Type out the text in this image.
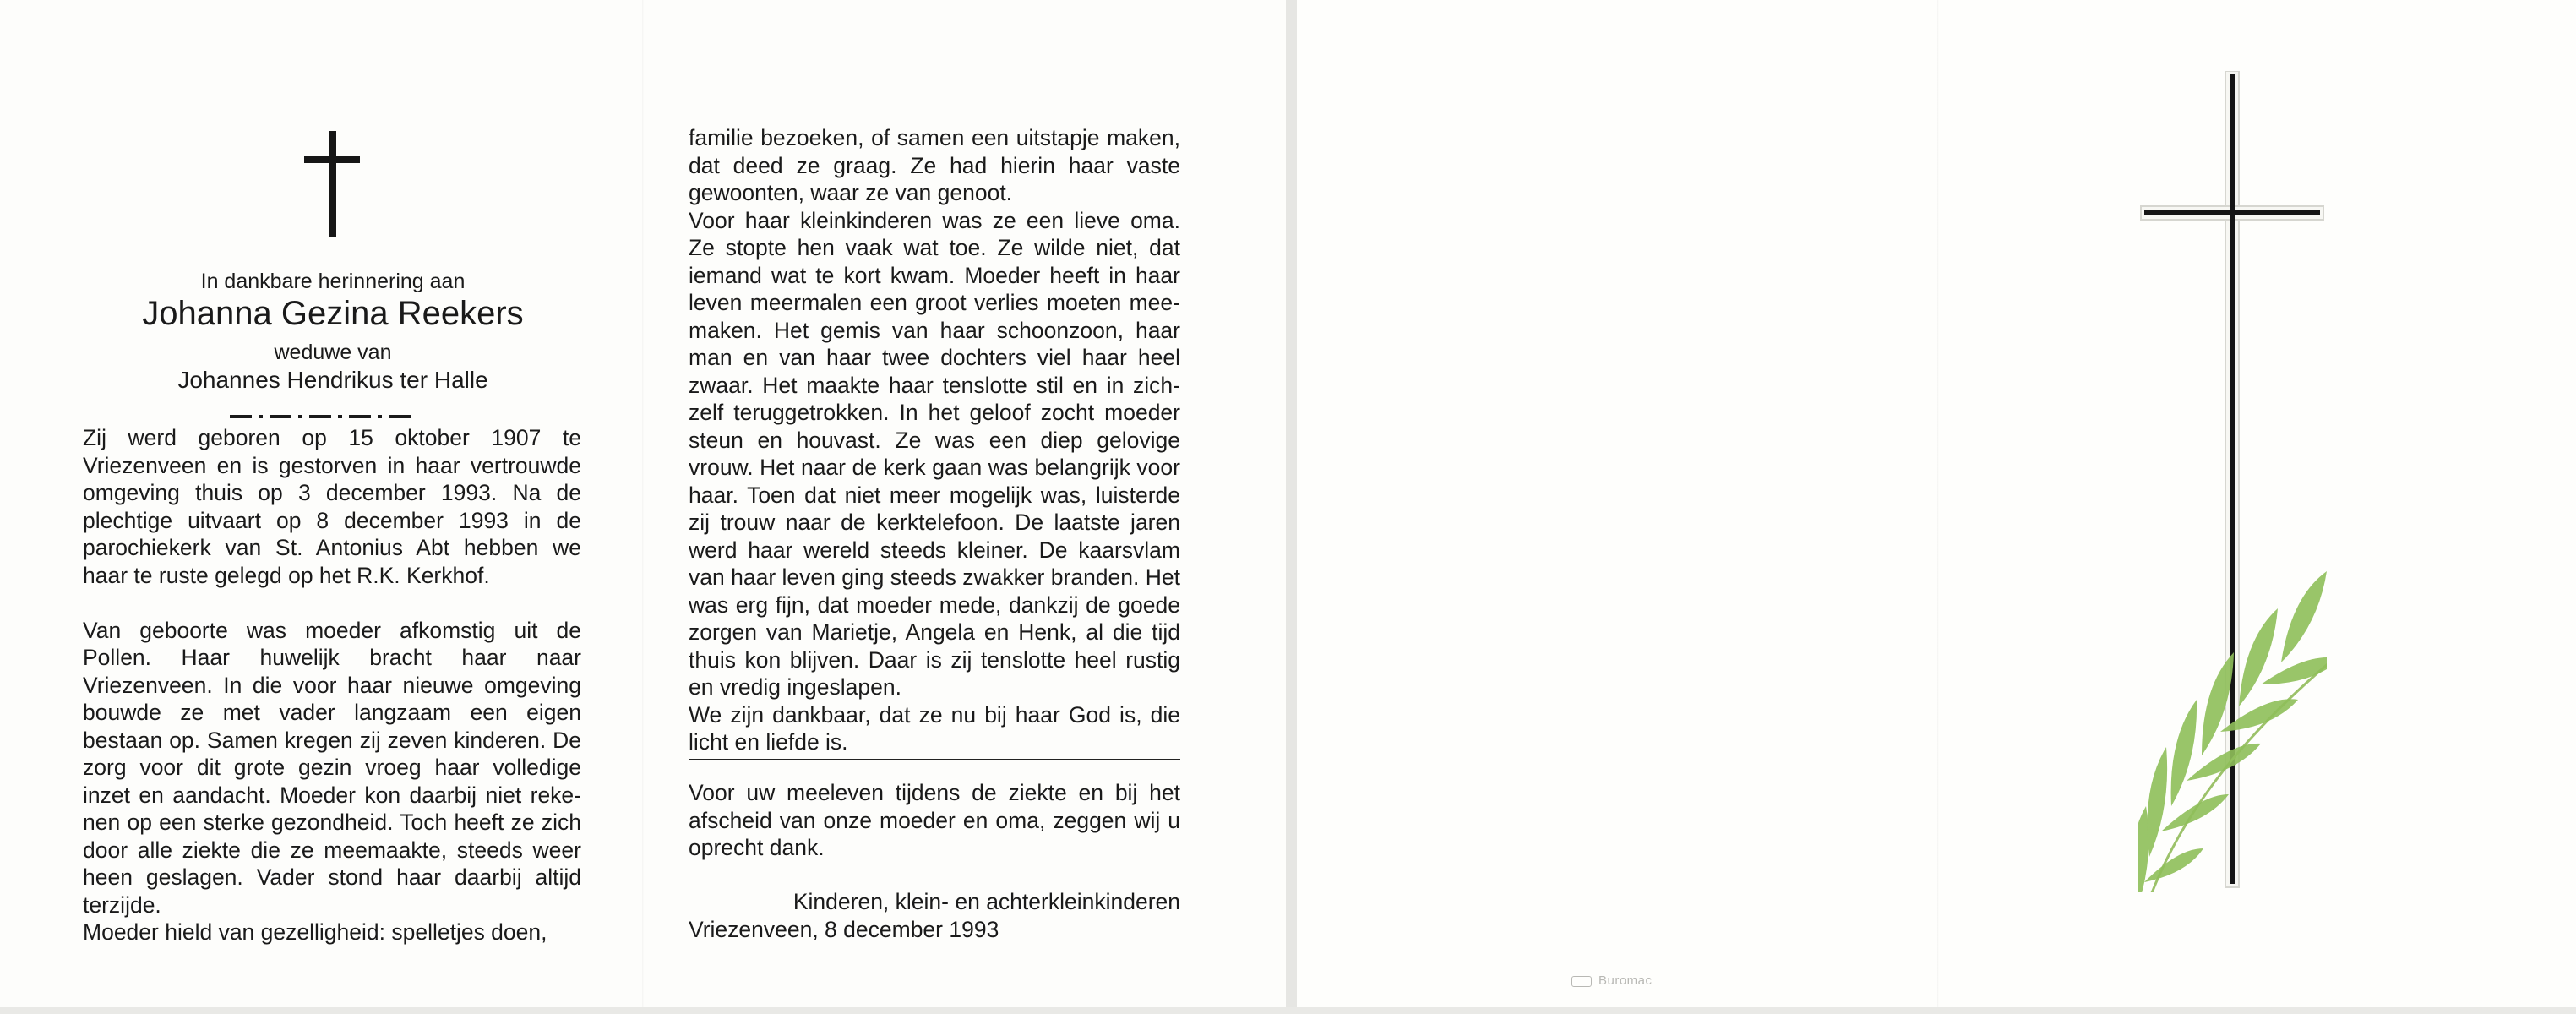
In dankbare herinnering aan
Johanna Gezina Reekers
weduwe van
Johannes Hendrikus ter Halle

Zij werd geboren op 15 oktober 1907 te Vriezenveen en is gestorven in haar vertrouwde omgeving thuis op 3 december 1993. Na de plechtige uitvaart op 8 december 1993 in de parochiekerk van St. Antonius Abt hebben we haar te ruste gelegd op het R.K. Kerkhof.

Van geboorte was moeder afkomstig uit de Pollen. Haar huwelijk bracht haar naar Vriezenveen. In die voor haar nieuwe omgeving bouwde ze met vader langzaam een eigen bestaan op. Samen kregen zij zeven kinderen. De zorg voor dit grote gezin vroeg haar volledige inzet en aandacht. Moeder kon daarbij niet reke-nen op een sterke gezondheid. Toch heeft ze zich door alle ziekte die ze meemaakte, steeds weer heen geslagen. Vader stond haar daarbij altijd terzijde.

Moeder hield van gezelligheid: spelletjes doen,

familie bezoeken, of samen een uitstapje maken, dat deed ze graag. Ze had hierin haar vaste gewoonten, waar ze van genoot.

Voor haar kleinkinderen was ze een lieve oma. Ze stopte hen vaak wat toe. Ze wilde niet, dat iemand wat te kort kwam. Moeder heeft in haar leven meermalen een groot verlies moeten mee-maken. Het gemis van haar schoonzoon, haar man en van haar twee dochters viel haar heel zwaar. Het maakte haar tenslotte stil en in zich-zelf teruggetrokken. In het geloof zocht moeder steun en houvast. Ze was een diep gelovige vrouw. Het naar de kerk gaan was belangrijk voor haar. Toen dat niet meer mogelijk was, luisterde zij trouw naar de kerktelefoon. De laatste jaren werd haar wereld steeds kleiner. De kaarsvlam van haar leven ging steeds zwakker branden. Het was erg fijn, dat moeder mede, dankzij de goede zorgen van Marietje, Angela en Henk, al die tijd thuis kon blijven. Daar is zij tenslotte heel rustig en vredig ingeslapen.

We zijn dankbaar, dat ze nu bij haar God is, die licht en liefde is.

Voor uw meeleven tijdens de ziekte en bij het afscheid van onze moeder en oma, zeggen wij u oprecht dank.
Kinderen, klein- en achterkleinkinderen
Vriezenveen, 8 december 1993
Buromac
